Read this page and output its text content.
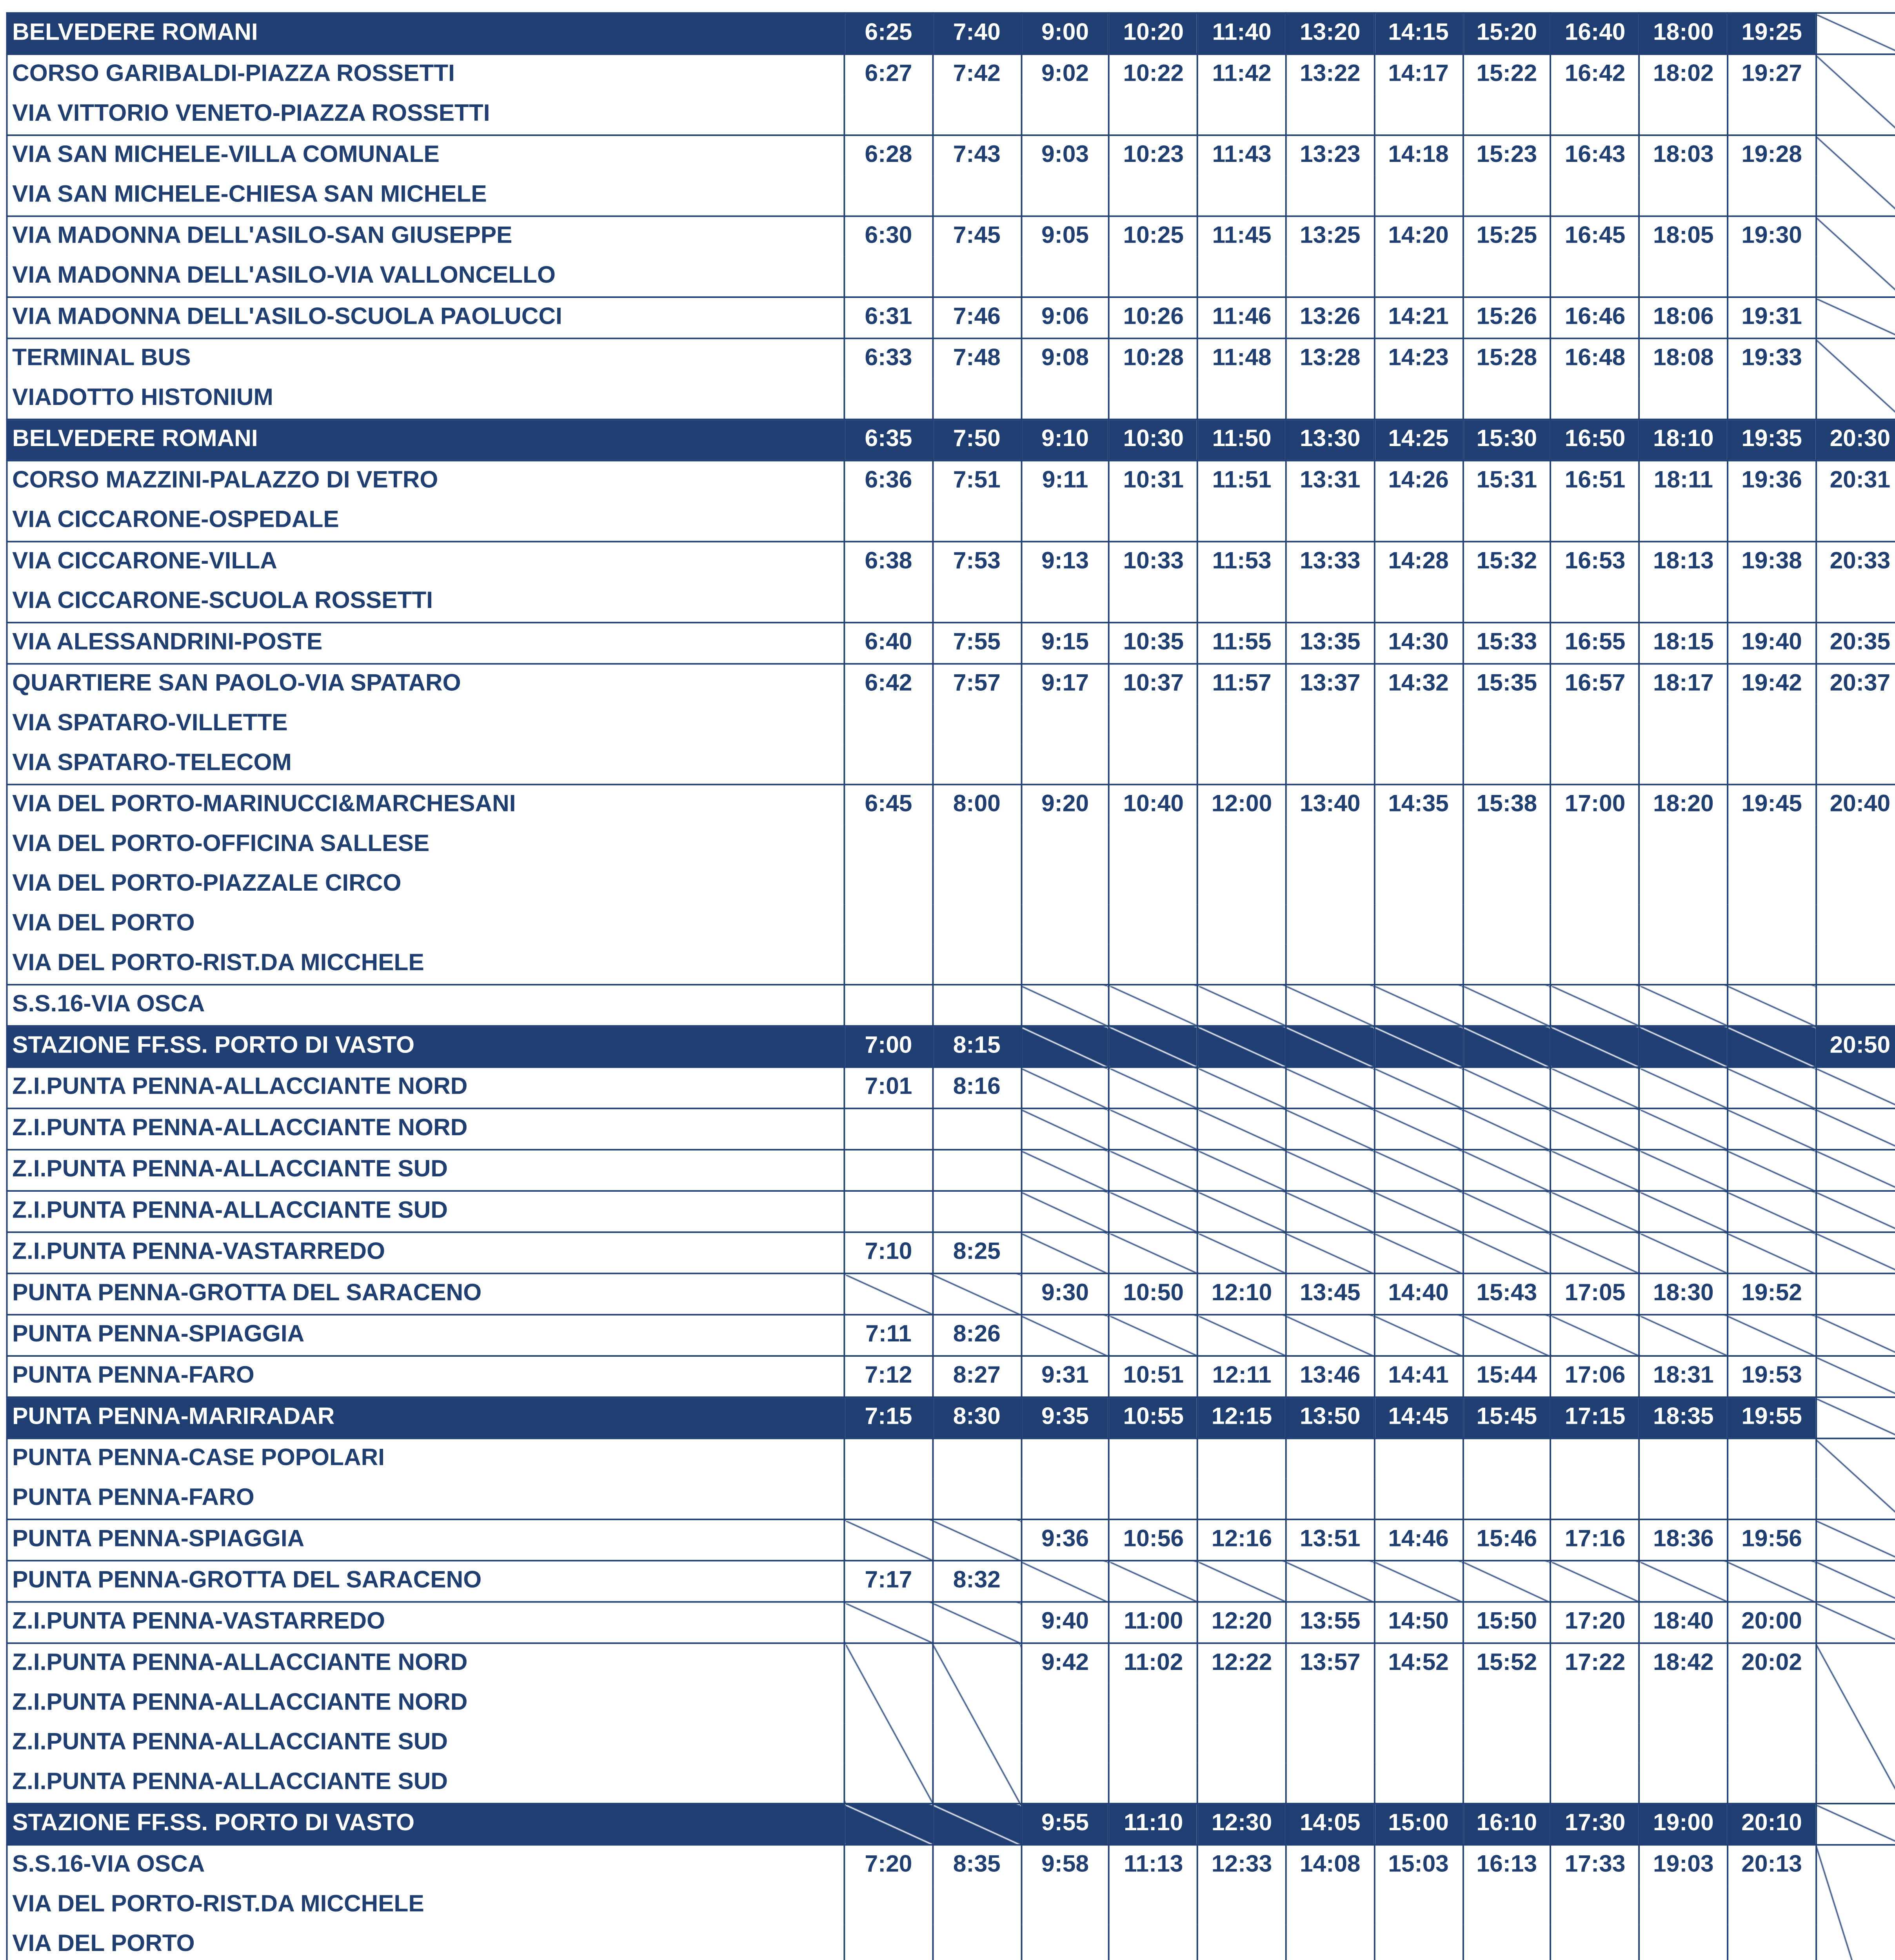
BELVEDERE ROMANI	6:25	7:40	9:00	10:20	11:40	13:20	14:15	15:20	16:40	18:00	19:25	
CORSO GARIBALDI-PIAZZA ROSSETTI	6:27	7:42	9:02	10:22	11:42	13:22	14:17	15:22	16:42	18:02	19:27	
VIA VITTORIO VENETO-PIAZZA ROSSETTI												
VIA SAN MICHELE-VILLA COMUNALE	6:28	7:43	9:03	10:23	11:43	13:23	14:18	15:23	16:43	18:03	19:28	
VIA SAN MICHELE-CHIESA SAN MICHELE												
VIA MADONNA DELL'ASILO-SAN GIUSEPPE	6:30	7:45	9:05	10:25	11:45	13:25	14:20	15:25	16:45	18:05	19:30	
VIA MADONNA DELL'ASILO-VIA VALLONCELLO												
VIA MADONNA DELL'ASILO-SCUOLA PAOLUCCI	6:31	7:46	9:06	10:26	11:46	13:26	14:21	15:26	16:46	18:06	19:31	
TERMINAL BUS	6:33	7:48	9:08	10:28	11:48	13:28	14:23	15:28	16:48	18:08	19:33	
VIADOTTO HISTONIUM												
BELVEDERE ROMANI	6:35	7:50	9:10	10:30	11:50	13:30	14:25	15:30	16:50	18:10	19:35	20:30
CORSO MAZZINI-PALAZZO DI VETRO	6:36	7:51	9:11	10:31	11:51	13:31	14:26	15:31	16:51	18:11	19:36	20:31
VIA CICCARONE-OSPEDALE												
VIA CICCARONE-VILLA	6:38	7:53	9:13	10:33	11:53	13:33	14:28	15:32	16:53	18:13	19:38	20:33
VIA CICCARONE-SCUOLA ROSSETTI												
VIA ALESSANDRINI-POSTE	6:40	7:55	9:15	10:35	11:55	13:35	14:30	15:33	16:55	18:15	19:40	20:35
QUARTIERE SAN PAOLO-VIA SPATARO	6:42	7:57	9:17	10:37	11:57	13:37	14:32	15:35	16:57	18:17	19:42	20:37
VIA SPATARO-VILLETTE												
VIA SPATARO-TELECOM												
VIA DEL PORTO-MARINUCCI&MARCHESANI	6:45	8:00	9:20	10:40	12:00	13:40	14:35	15:38	17:00	18:20	19:45	20:40
VIA DEL PORTO-OFFICINA SALLESE												
VIA DEL PORTO-PIAZZALE CIRCO												
VIA DEL PORTO												
VIA DEL PORTO-RIST.DA MICCHELE												
S.S.16-VIA OSCA												
STAZIONE FF.SS. PORTO DI VASTO	7:00	8:15										20:50
Z.I.PUNTA PENNA-ALLACCIANTE NORD	7:01	8:16										
Z.I.PUNTA PENNA-ALLACCIANTE NORD												
Z.I.PUNTA PENNA-ALLACCIANTE SUD												
Z.I.PUNTA PENNA-ALLACCIANTE SUD												
Z.I.PUNTA PENNA-VASTARREDO	7:10	8:25										
PUNTA PENNA-GROTTA DEL SARACENO			9:30	10:50	12:10	13:45	14:40	15:43	17:05	18:30	19:52	
PUNTA PENNA-SPIAGGIA	7:11	8:26										
PUNTA PENNA-FARO	7:12	8:27	9:31	10:51	12:11	13:46	14:41	15:44	17:06	18:31	19:53	
PUNTA PENNA-MARIRADAR	7:15	8:30	9:35	10:55	12:15	13:50	14:45	15:45	17:15	18:35	19:55	
PUNTA PENNA-CASE POPOLARI												
PUNTA PENNA-FARO												
PUNTA PENNA-SPIAGGIA			9:36	10:56	12:16	13:51	14:46	15:46	17:16	18:36	19:56	
PUNTA PENNA-GROTTA DEL SARACENO	7:17	8:32										
Z.I.PUNTA PENNA-VASTARREDO			9:40	11:00	12:20	13:55	14:50	15:50	17:20	18:40	20:00	
Z.I.PUNTA PENNA-ALLACCIANTE NORD			9:42	11:02	12:22	13:57	14:52	15:52	17:22	18:42	20:02	
Z.I.PUNTA PENNA-ALLACCIANTE NORD												
Z.I.PUNTA PENNA-ALLACCIANTE SUD												
Z.I.PUNTA PENNA-ALLACCIANTE SUD												
STAZIONE FF.SS. PORTO DI VASTO			9:55	11:10	12:30	14:05	15:00	16:10	17:30	19:00	20:10	
S.S.16-VIA OSCA	7:20	8:35	9:58	11:13	12:33	14:08	15:03	16:13	17:33	19:03	20:13	
VIA DEL PORTO-RIST.DA MICCHELE												
VIA DEL PORTO												
